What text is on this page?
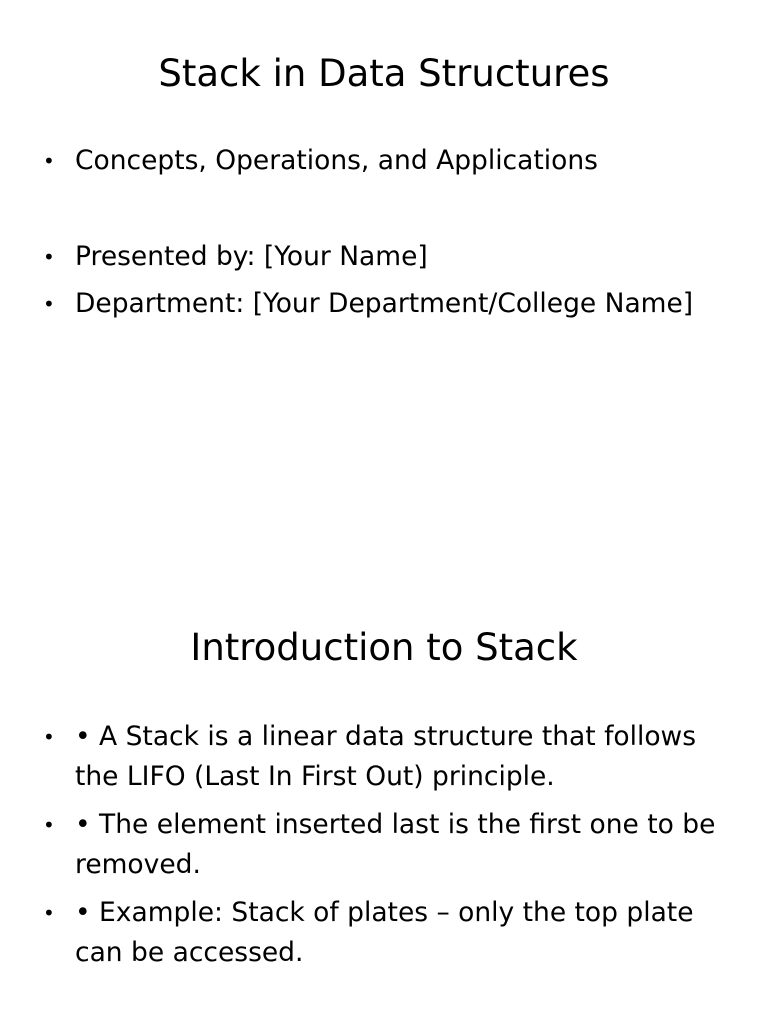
Stack in Data Structures
• Concepts, Operations, and Applications
• Presented by: [Your Name]
• Department: [Your Department/College Name]
Introduction to Stack
• • A Stack is a linear data structure that follows the LIFO (Last In First Out) principle.
• • The element inserted last is the first one to be removed.
• • Example: Stack of plates – only the top plate can be accessed.
